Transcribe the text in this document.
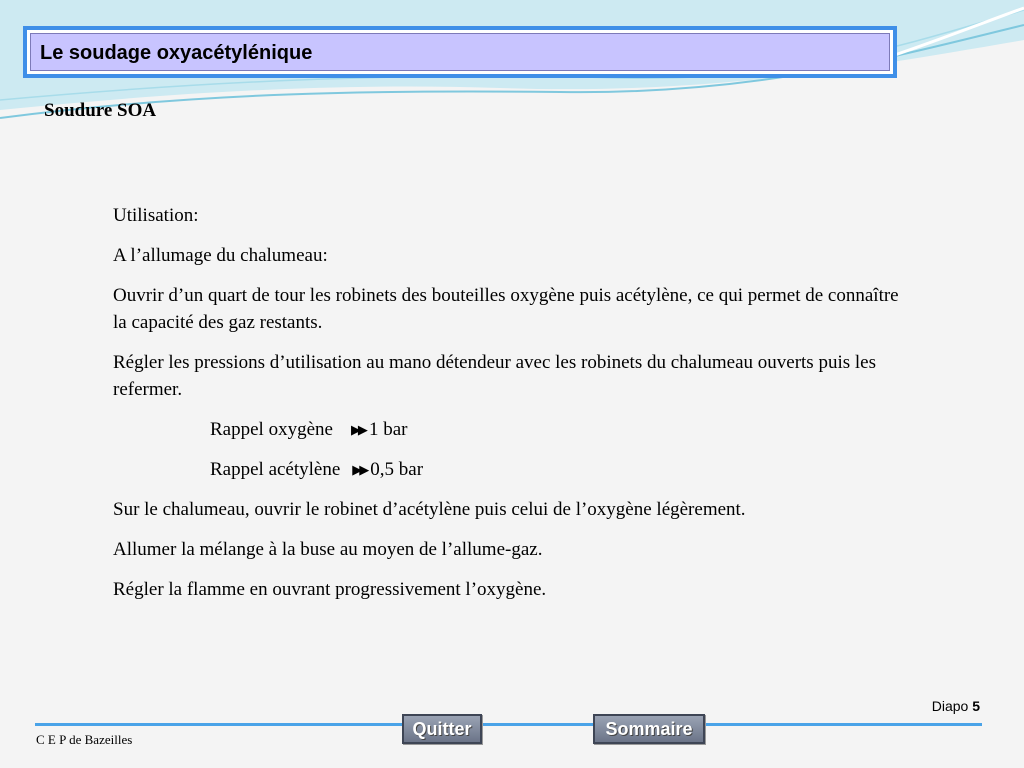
Le soudage oxyacétylénique
Soudure SOA

Utilisation:

A l’allumage du chalumeau:

Ouvrir d’un quart de tour les robinets des bouteilles oxygène puis acétylène, ce qui permet de connaître la capacité des gaz restants.

Régler les pressions d’utilisation au mano détendeur avec les robinets du chalumeau ouverts puis les refermer.

Rappel oxygène ▶▶ 1 bar

Rappel acétylène ▶▶ 0,5 bar

Sur le chalumeau, ouvrir le robinet d’acétylène puis celui de l’oxygène légèrement.

Allumer la mélange à la buse au moyen de l’allume-gaz.

Régler la flamme en ouvrant progressivement l’oxygène.

Diapo 5
C E P de Bazeilles
Quitter	Sommaire
